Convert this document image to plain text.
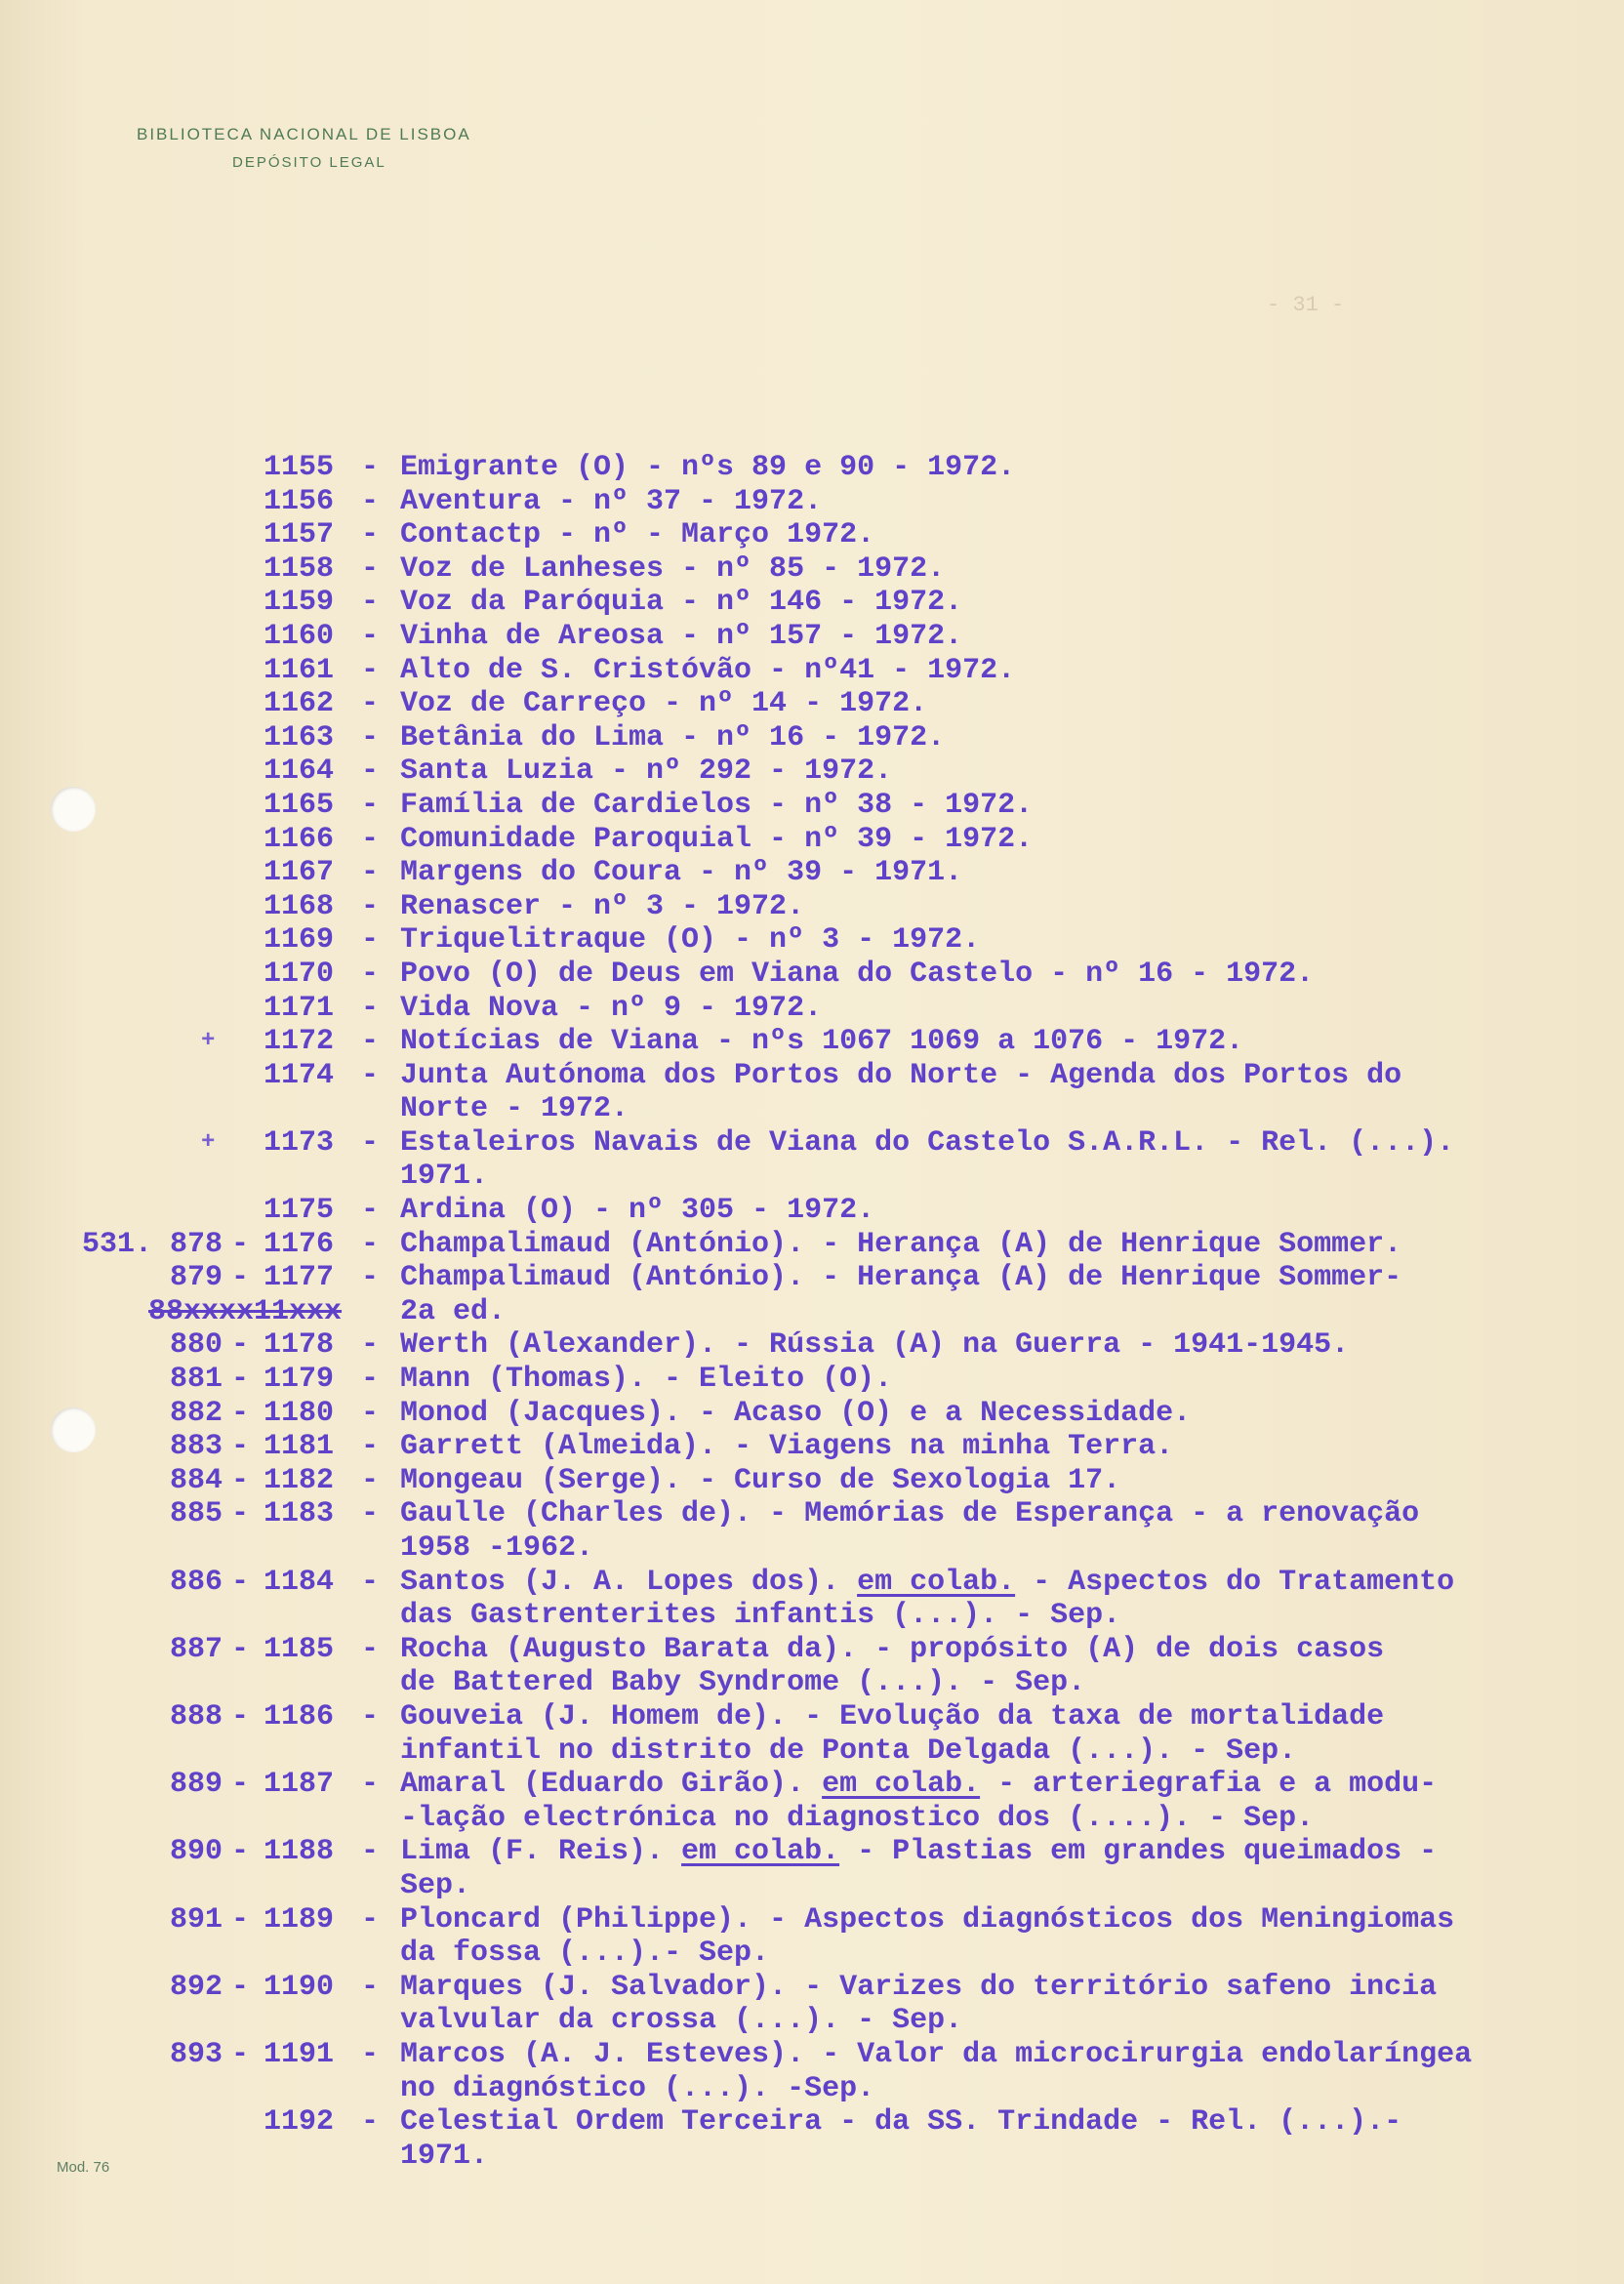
BIBLIOTECA NACIONAL DE LISBOA
DEPÓSITO LEGAL
- 31 -
1155 - Emigrante (O) - nºs 89 e 90 - 1972.
1156 - Aventura - nº 37 - 1972.
1157 - Contactp - nº - Março 1972.
1158 - Voz de Lanheses - nº 85 - 1972.
1159 - Voz da Paróquia - nº 146 - 1972.
1160 - Vinha de Areosa - nº 157 - 1972.
1161 - Alto de S. Cristóvão - nº41 - 1972.
1162 - Voz de Carreço - nº 14 - 1972.
1163 - Betânia do Lima - nº 16 - 1972.
1164 - Santa Luzia - nº 292 - 1972.
1165 - Família de Cardielos - nº 38 - 1972.
1166 - Comunidade Paroquial - nº 39 - 1972.
1167 - Margens do Coura - nº 39 - 1971.
1168 - Renascer - nº 3 - 1972.
1169 - Triquelitraque (O) - nº 3 - 1972.
1170 - Povo (O) de Deus em Viana do Castelo - nº 16 - 1972.
1171 - Vida Nova - nº 9 - 1972.
+ 1172 - Notícias de Viana - nºs 1067 1069 a 1076 - 1972.
1174 - Junta Autónoma dos Portos do Norte - Agenda dos Portos do
Norte - 1972.
+ 1173 - Estaleiros Navais de Viana do Castelo S.A.R.L. - Rel. (...).
1971.
1175 - Ardina (O) - nº 305 - 1972.
531. 878 - 1176 - Champalimaud (António). - Herança (A) de Henrique Sommer.
879 - 1177 - Champalimaud (António). - Herança (A) de Henrique Sommer-
88xxxx11xxx 2a ed.
880 - 1178 - Werth (Alexander). - Rússia (A) na Guerra - 1941-1945.
881 - 1179 - Mann (Thomas). - Eleito (O).
882 - 1180 - Monod (Jacques). - Acaso (O) e a Necessidade.
883 - 1181 - Garrett (Almeida). - Viagens na minha Terra.
884 - 1182 - Mongeau (Serge). - Curso de Sexologia 17.
885 - 1183 - Gaulle (Charles de). - Memórias de Esperança - a renovação
1958 -1962.
886 - 1184 - Santos (J. A. Lopes dos). em colab. - Aspectos do Tratamento
das Gastrenterites infantis (...). - Sep.
887 - 1185 - Rocha (Augusto Barata da). - propósito (A) de dois casos
de Battered Baby Syndrome (...). - Sep.
888 - 1186 - Gouveia (J. Homem de). - Evolução da taxa de mortalidade
infantil no distrito de Ponta Delgada (...). - Sep.
889 - 1187 - Amaral (Eduardo Girão). em colab. - arteriegrafia e a modu-
-lação electrónica no diagnostico dos (....). - Sep.
890 - 1188 - Lima (F. Reis). em colab. - Plastias em grandes queimados -
Sep.
891 - 1189 - Ploncard (Philippe). - Aspectos diagnósticos dos Meningiomas
da fossa (...).- Sep.
892 - 1190 - Marques (J. Salvador). - Varizes do território safeno incia
valvular da crossa (...). - Sep.
893 - 1191 - Marcos (A. J. Esteves). - Valor da microcirurgia endolaríngea
no diagnóstico (...). -Sep.
1192 - Celestial Ordem Terceira - da SS. Trindade - Rel. (...).-
1971.
Mod. 76
